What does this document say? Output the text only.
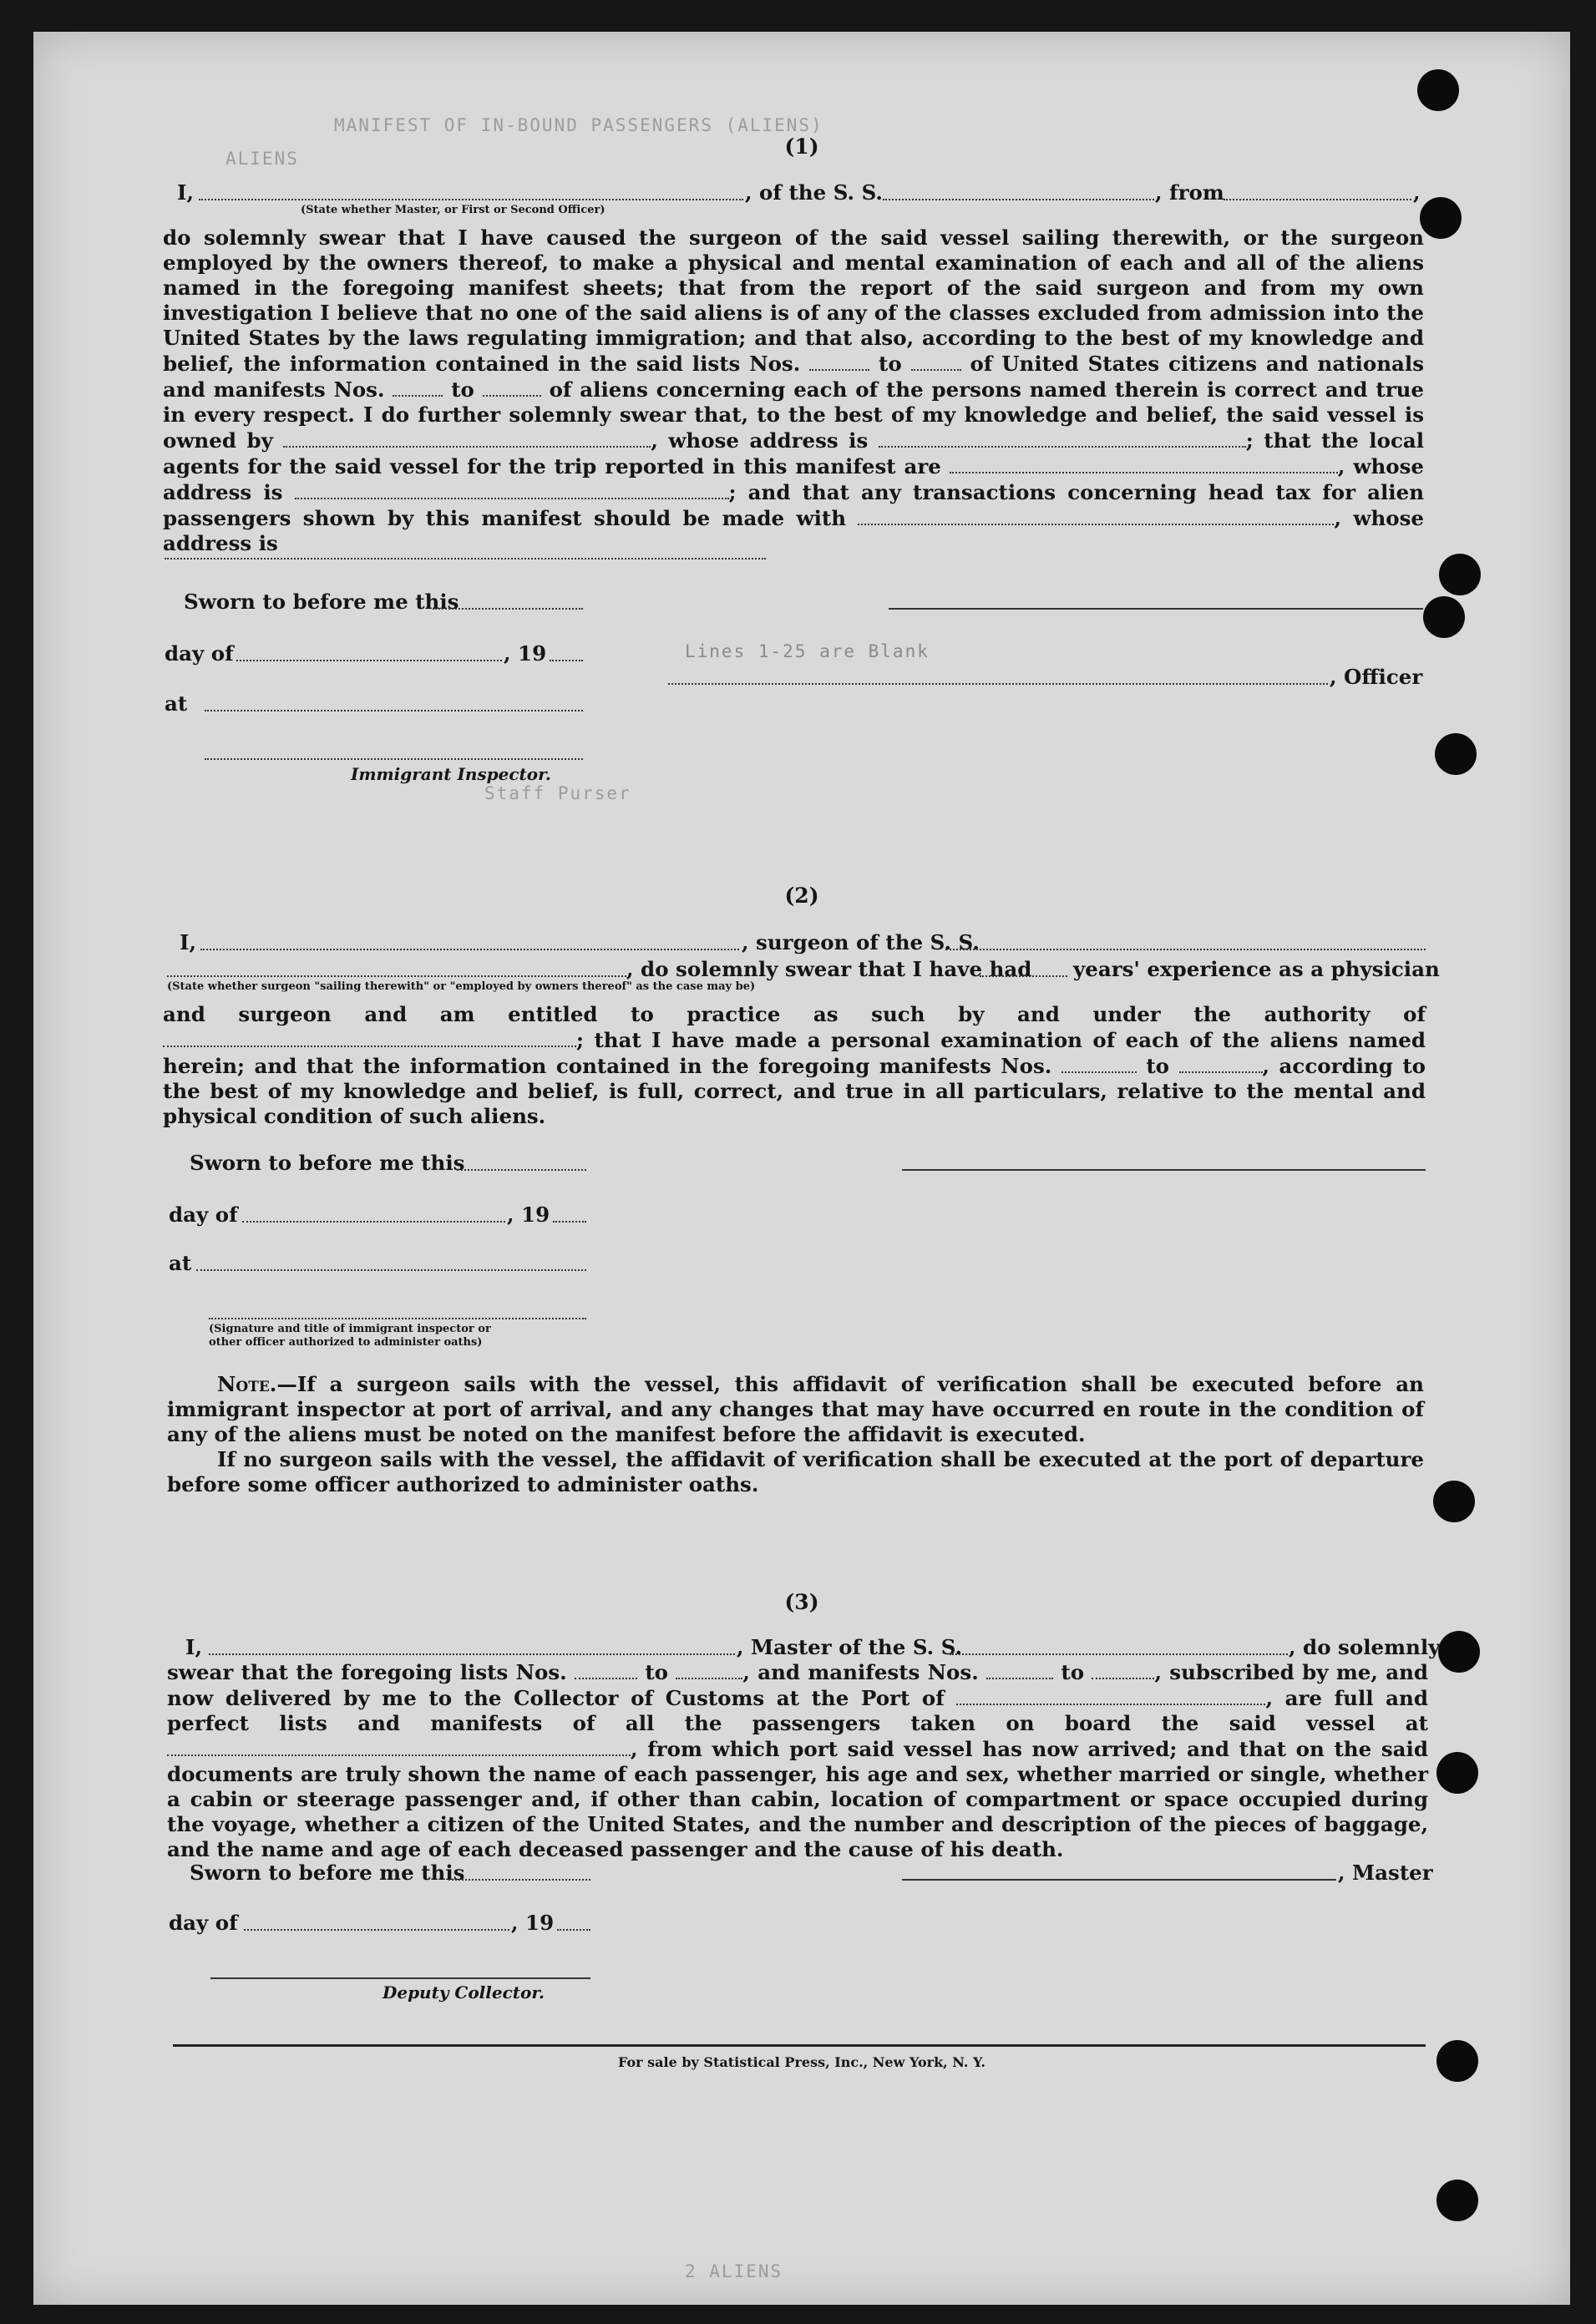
MANIFEST OF IN-BOUND PASSENGERS (ALIENS)
ALIENS
Staff Purser
Lines 1-25 are Blank
2 ALIENS
(1)
I,	, of the S. S.	, from	,
(State whether Master, or First or Second Officer)

do solemnly swear that I have caused the surgeon of the said vessel sailing therewith, or the surgeon employed by the owners thereof, to make a physical and mental examination of each and all of the aliens named in the foregoing manifest sheets; that from the report of the said surgeon and from my own investigation I believe that no one of the said aliens is of any of the classes excluded from admission into the United States by the laws regulating immigration; and that also, according to the best of my knowledge and belief, the information contained in the said lists Nos.	to	of United States citizens and nationals and manifests Nos.	to	of aliens concerning each of the persons named therein is correct and true in every respect. I do further solemnly swear that, to the best of my knowledge and belief, the said vessel is owned by	, whose address is	; that the local agents for the said vessel for the trip reported in this manifest are	, whose address is	; and that any transactions concerning head tax for alien passengers shown by this manifest should be made with	, whose address is

Sworn to before me this
day of	, 19
, Officer
at
Immigrant Inspector.
(2)
I,	, surgeon of the S. S.
, do solemnly swear that I have had years' experience as a physician
(State whether surgeon "sailing therewith" or "employed by owners thereof" as the case may be)

and surgeon and am entitled to practice as such by and under the authority of ; that I have made a personal examination of each of the aliens named herein; and that the information contained in the foregoing manifests Nos.	to	, according to the best of my knowledge and belief, is full, correct, and true in all particulars, relative to the mental and physical condition of such aliens.

Sworn to before me this
day of	, 19
at
(Signature and title of immigrant inspector or
other officer authorized to administer oaths)

Note.—If a surgeon sails with the vessel, this affidavit of verification shall be executed before an immigrant inspector at port of arrival, and any changes that may have occurred en route in the condition of any of the aliens must be noted on the manifest before the affidavit is executed.

If no surgeon sails with the vessel, the affidavit of verification shall be executed at the port of departure before some officer authorized to administer oaths.

(3)
I,	, Master of the S. S.	, do solemnly

swear that the foregoing lists Nos.	to	, and manifests Nos.	to	, subscribed by me, and now delivered by me to the Collector of Customs at the Port of	, are full and perfect lists and manifests of all the passengers taken on board the said vessel at , from which port said vessel has now arrived; and that on the said documents are truly shown the name of each passenger, his age and sex, whether married or single, whether a cabin or steerage passenger and, if other than cabin, location of compartment or space occupied during the voyage, whether a citizen of the United States, and the number and description of the pieces of baggage, and the name and age of each deceased passenger and the cause of his death.

Sworn to before me this	, Master
day of	, 19
Deputy Collector.
For sale by Statistical Press, Inc., New York, N. Y.
